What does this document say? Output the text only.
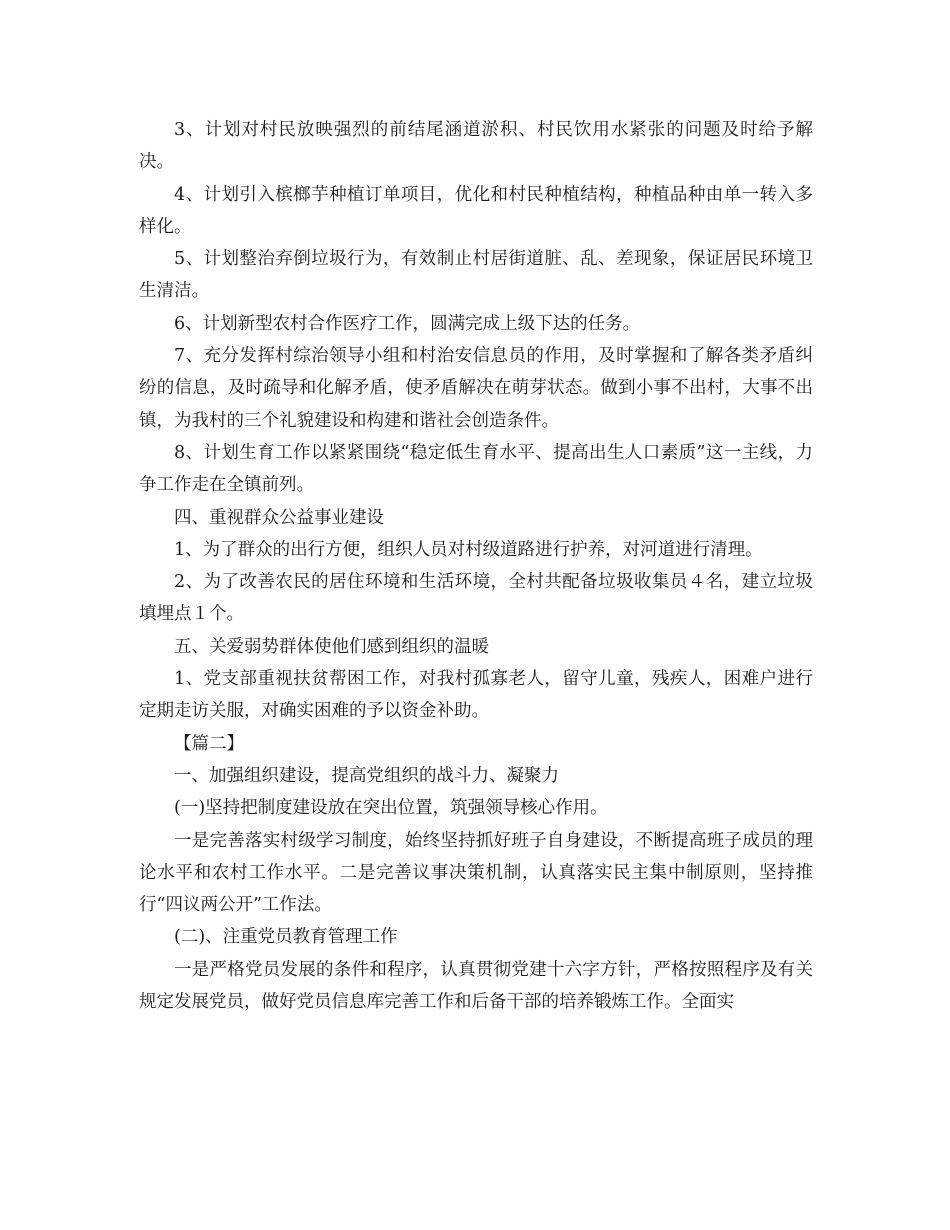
3、计划对村民放映强烈的前结尾涵道淤积、村民饮用水紧张的问题及时给予解决。

4、计划引入槟榔芋种植订单项目，优化和村民种植结构，种植品种由单一转入多样化。

5、计划整治弃倒垃圾行为，有效制止村居街道脏、乱、差现象，保证居民环境卫生清洁。

6、计划新型农村合作医疗工作，圆满完成上级下达的任务。

7、充分发挥村综治领导小组和村治安信息员的作用，及时掌握和了解各类矛盾纠纷的信息，及时疏导和化解矛盾，使矛盾解决在萌芽状态。做到小事不出村，大事不出镇，为我村的三个礼貌建设和构建和谐社会创造条件。

8、计划生育工作以紧紧围绕“稳定低生育水平、提高出生人口素质”这一主线，力争工作走在全镇前列。

四、重视群众公益事业建设

1、为了群众的出行方便，组织人员对村级道路进行护养，对河道进行清理。

2、为了改善农民的居住环境和生活环境，全村共配备垃圾收集员４名，建立垃圾填埋点１个。

五、关爱弱势群体使他们感到组织的温暖

1、党支部重视扶贫帮困工作，对我村孤寡老人，留守儿童，残疾人，困难户进行定期走访关服，对确实困难的予以资金补助。

【篇二】

一、加强组织建设，提高党组织的战斗力、凝聚力

(一)坚持把制度建设放在突出位置，筑强领导核心作用。

一是完善落实村级学习制度，始终坚持抓好班子自身建设，不断提高班子成员的理论水平和农村工作水平。二是完善议事决策机制，认真落实民主集中制原则，坚持推行“四议两公开”工作法。

(二)、注重党员教育管理工作

一是严格党员发展的条件和程序，认真贯彻党建十六字方针，严格按照程序及有关规定发展党员，做好党员信息库完善工作和后备干部的培养锻炼工作。全面实
